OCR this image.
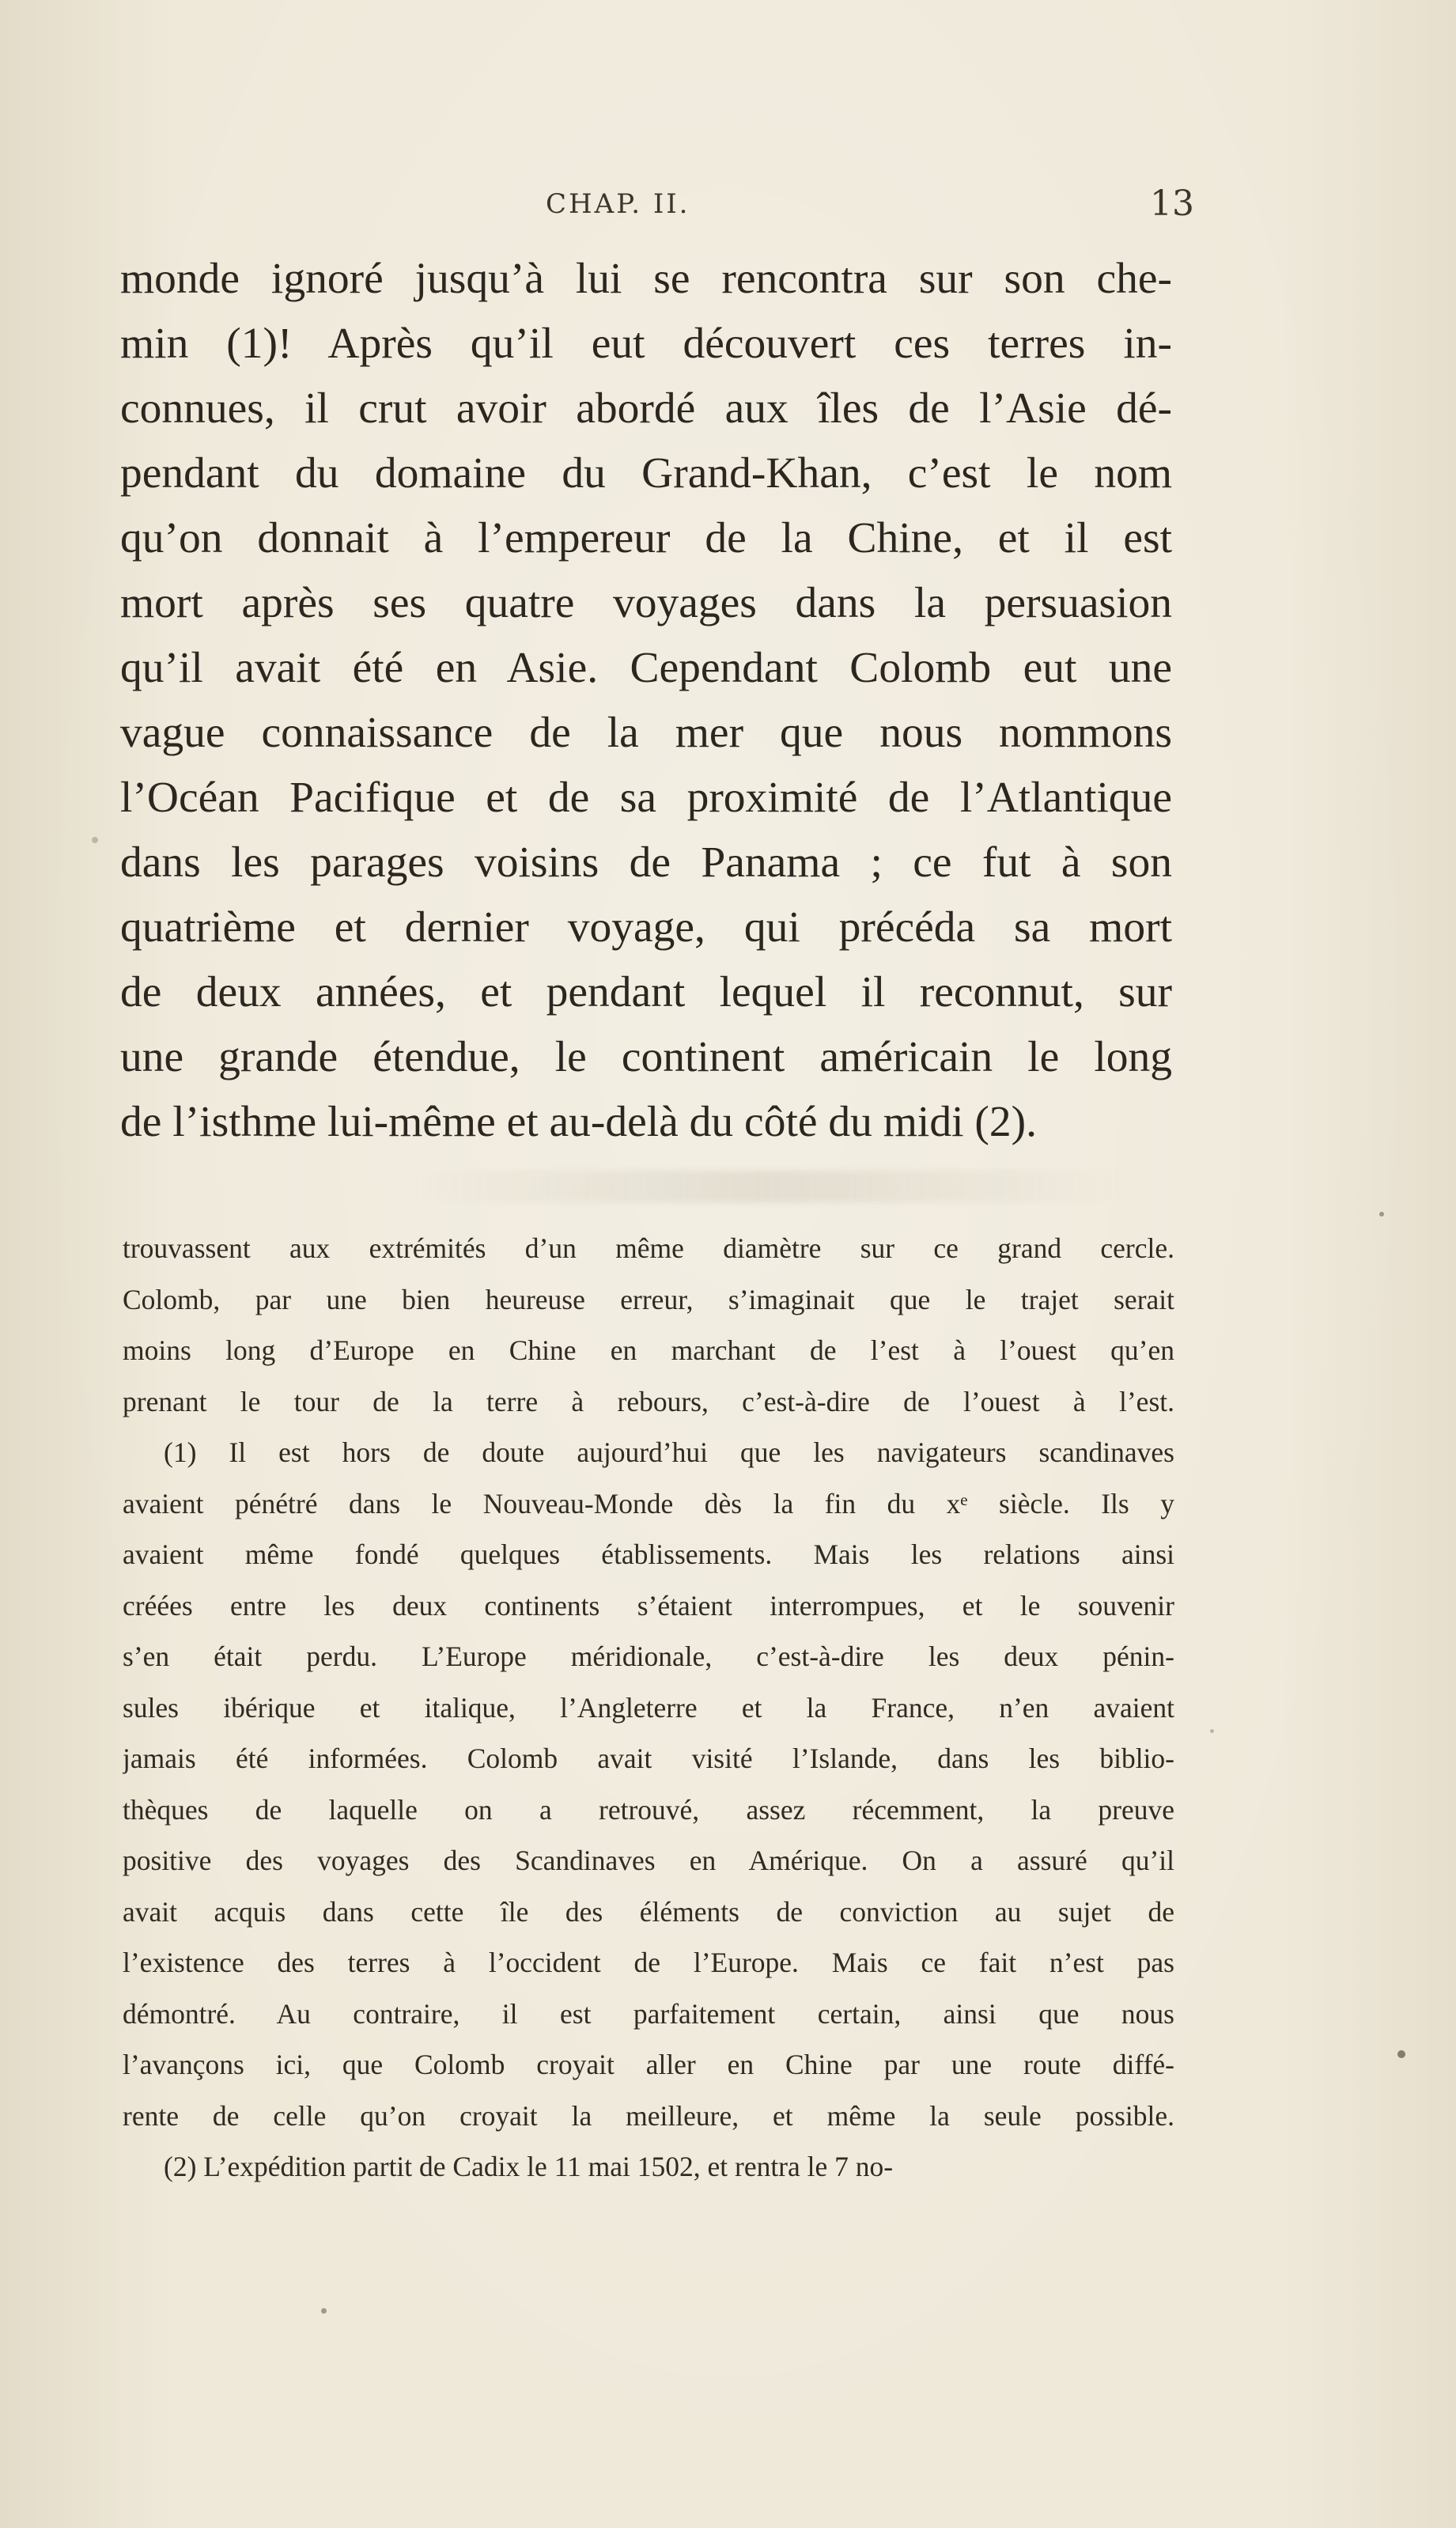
CHAP. II.	13
monde ignoré jusqu’à lui se rencontra sur son che-
min (1)! Après qu’il eut découvert ces terres in-
connues, il crut avoir abordé aux îles de l’Asie dé-
pendant du domaine du Grand-Khan, c’est le nom
qu’on donnait à l’empereur de la Chine, et il est
mort après ses quatre voyages dans la persuasion
qu’il avait été en Asie. Cependant Colomb eut une
vague connaissance de la mer que nous nommons
l’Océan Pacifique et de sa proximité de l’Atlantique
dans les parages voisins de Panama ; ce fut à son
quatrième et dernier voyage, qui précéda sa mort
de deux années, et pendant lequel il reconnut, sur
une grande étendue, le continent américain le long
de l’isthme lui-même et au-delà du côté du midi (2).
trouvassent aux extrémités d’un même diamètre sur ce grand cercle.
Colomb, par une bien heureuse erreur, s’imaginait que le trajet serait
moins long d’Europe en Chine en marchant de l’est à l’ouest qu’en
prenant le tour de la terre à rebours, c’est-à-dire de l’ouest à l’est.
(1) Il est hors de doute aujourd’hui que les navigateurs scandinaves
avaient pénétré dans le Nouveau-Monde dès la fin du xᵉ siècle. Ils y
avaient même fondé quelques établissements. Mais les relations ainsi
créées entre les deux continents s’étaient interrompues, et le souvenir
s’en était perdu. L’Europe méridionale, c’est-à-dire les deux pénin-
sules ibérique et italique, l’Angleterre et la France, n’en avaient
jamais été informées. Colomb avait visité l’Islande, dans les biblio-
thèques de laquelle on a retrouvé, assez récemment, la preuve
positive des voyages des Scandinaves en Amérique. On a assuré qu’il
avait acquis dans cette île des éléments de conviction au sujet de
l’existence des terres à l’occident de l’Europe. Mais ce fait n’est pas
démontré. Au contraire, il est parfaitement certain, ainsi que nous
l’avançons ici, que Colomb croyait aller en Chine par une route diffé-
rente de celle qu’on croyait la meilleure, et même la seule possible.
(2) L’expédition partit de Cadix le 11 mai 1502, et rentra le 7 no-
